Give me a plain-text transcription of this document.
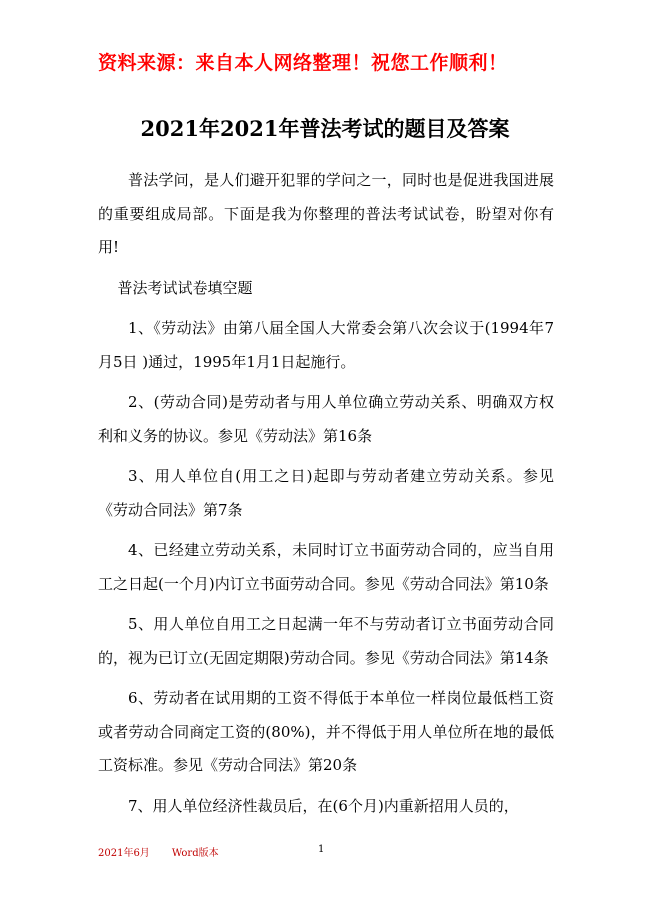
资料来源：来自本人网络整理！祝您工作顺利！
2021年2021年普法考试的题目及答案

普法学问，是人们避开犯罪的学问之一，同时也是促进我国进展的重要组成局部。下面是我为你整理的普法考试试卷，盼望对你有用!

普法考试试卷填空题

1、《劳动法》由第八届全国人大常委会第八次会议于(1994年7月5日 )通过，1995年1月1日起施行。

2、(劳动合同)是劳动者与用人单位确立劳动关系、明确双方权利和义务的协议。参见《劳动法》第16条

3、用人单位自(用工之日)起即与劳动者建立劳动关系。参见《劳动合同法》第7条

4、已经建立劳动关系，未同时订立书面劳动合同的，应当自用工之日起(一个月)内订立书面劳动合同。参见《劳动合同法》第10条

5、用人单位自用工之日起满一年不与劳动者订立书面劳动合同的，视为已订立(无固定期限)劳动合同。参见《劳动合同法》第14条

6、劳动者在试用期的工资不得低于本单位一样岗位最低档工资或者劳动合同商定工资的(80%)，并不得低于用人单位所在地的最低工资标准。参见《劳动合同法》第20条

7、用人单位经济性裁员后，在(6个月)内重新招用人员的，

2021年6月 Word版本	1
